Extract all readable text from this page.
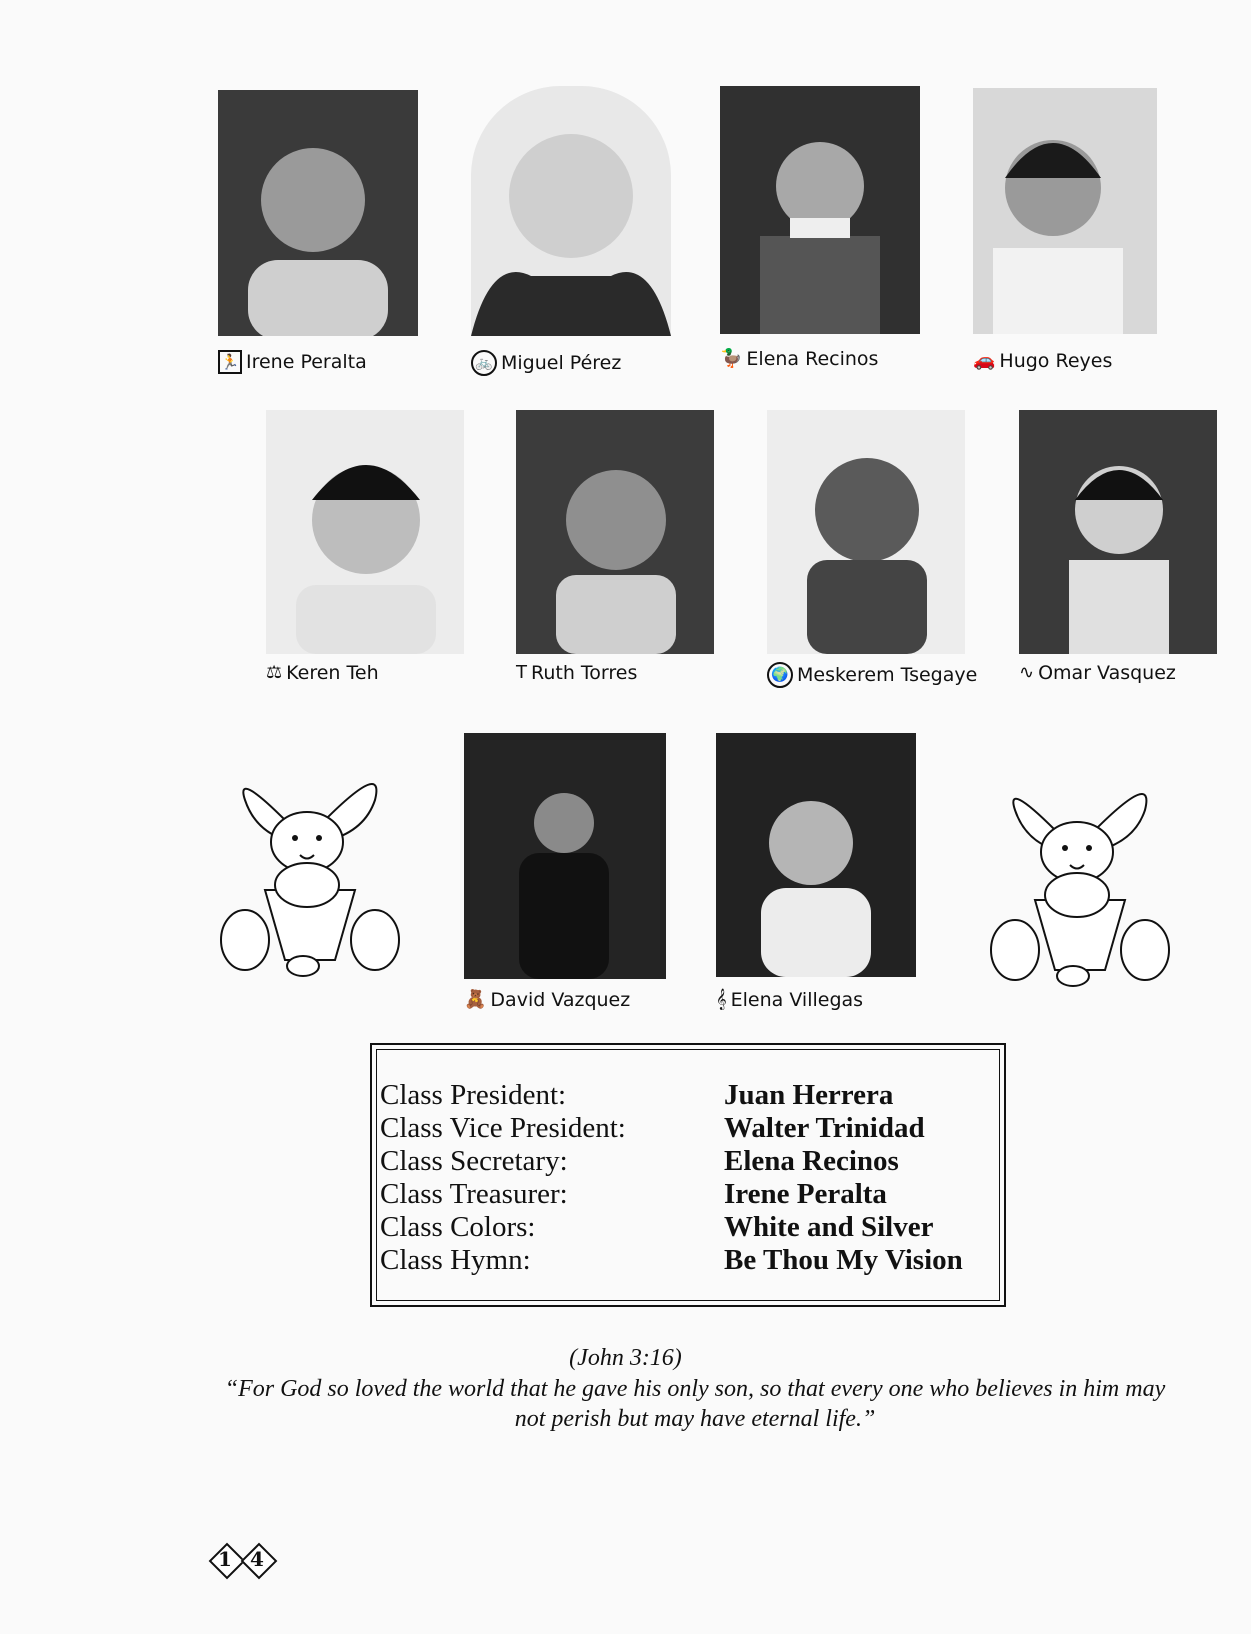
🏃 Irene Peralta	🚲 Miguel Pérez	🦆 Elena Recinos	🚗 Hugo Reyes
⚖ Keren Teh	T Ruth Torres	🌍 Meskerem Tsegaye ∿ Omar Vasquez
🧸 David Vazquez	𝄞 Elena Villegas
Class President:	Juan Herrera
Class Vice President:	Walter Trinidad
Class Secretary:	Elena Recinos
Class Treasurer:	Irene Peralta
Class Colors:	White and Silver
Class Hymn:	Be Thou My Vision
(John 3:16)
“For God so loved the world that he gave his only son, so that every one who believes in him may not perish but may have eternal life.”
1 4
